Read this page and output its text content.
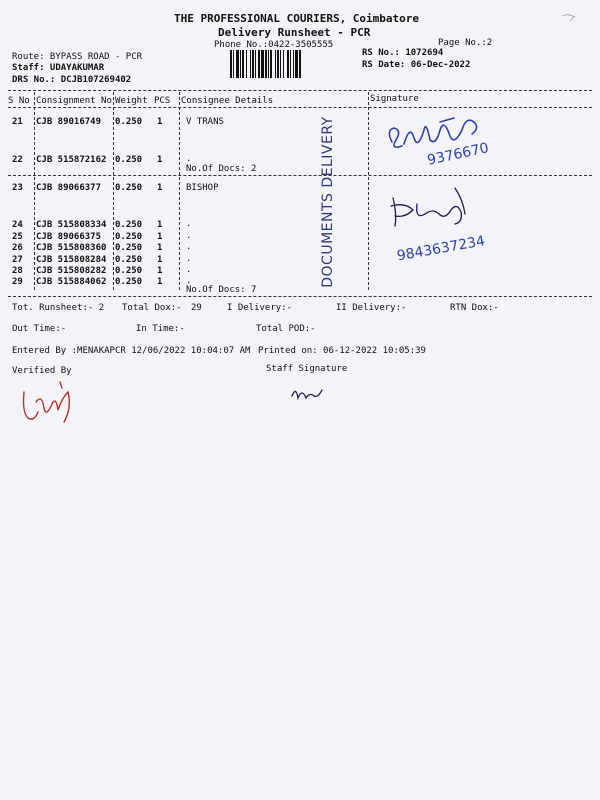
THE PROFESSIONAL COURIERS, Coimbatore
Delivery Runsheet - PCR
Phone No.:0422-3505555	Page No.:2
Route: BYPASS ROAD - PCR
Staff: UDAYAKUMAR
DRS No.: DCJB107269402
RS No.: 1072694
RS Date: 06-Dec-2022
S No Consignment No Weight PCS Consignee Details	Signature
21 CJB 89016749 0.250 1	V TRANS
22 CJB 515872162 0.250 1	.
No.Of Docs: 2
23 CJB 89066377 0.250 1	BISHOP
24 CJB 515808334 0.250 1	.
25 CJB 89066375 0.250 1	.
26 CJB 515808360 0.250 1	.
27 CJB 515808284 0.250 1	.
28 CJB 515808282 0.250 1	.
29 CJB 515884062 0.250 1	.
No.Of Docs: 7
DOCUMENTS DELIVERY	9376670
9843637234
Tot. Runsheet:- 2 Total Dox:- 29	I Delivery:-	II Delivery:-	RTN Dox:-
Out Time:-	In Time:-	Total POD:-
Entered By :MENAKAPCR 12/06/2022 10:04:07 AM Printed on: 06-12-2022 10:05:39
Verified By	Staff Signature
